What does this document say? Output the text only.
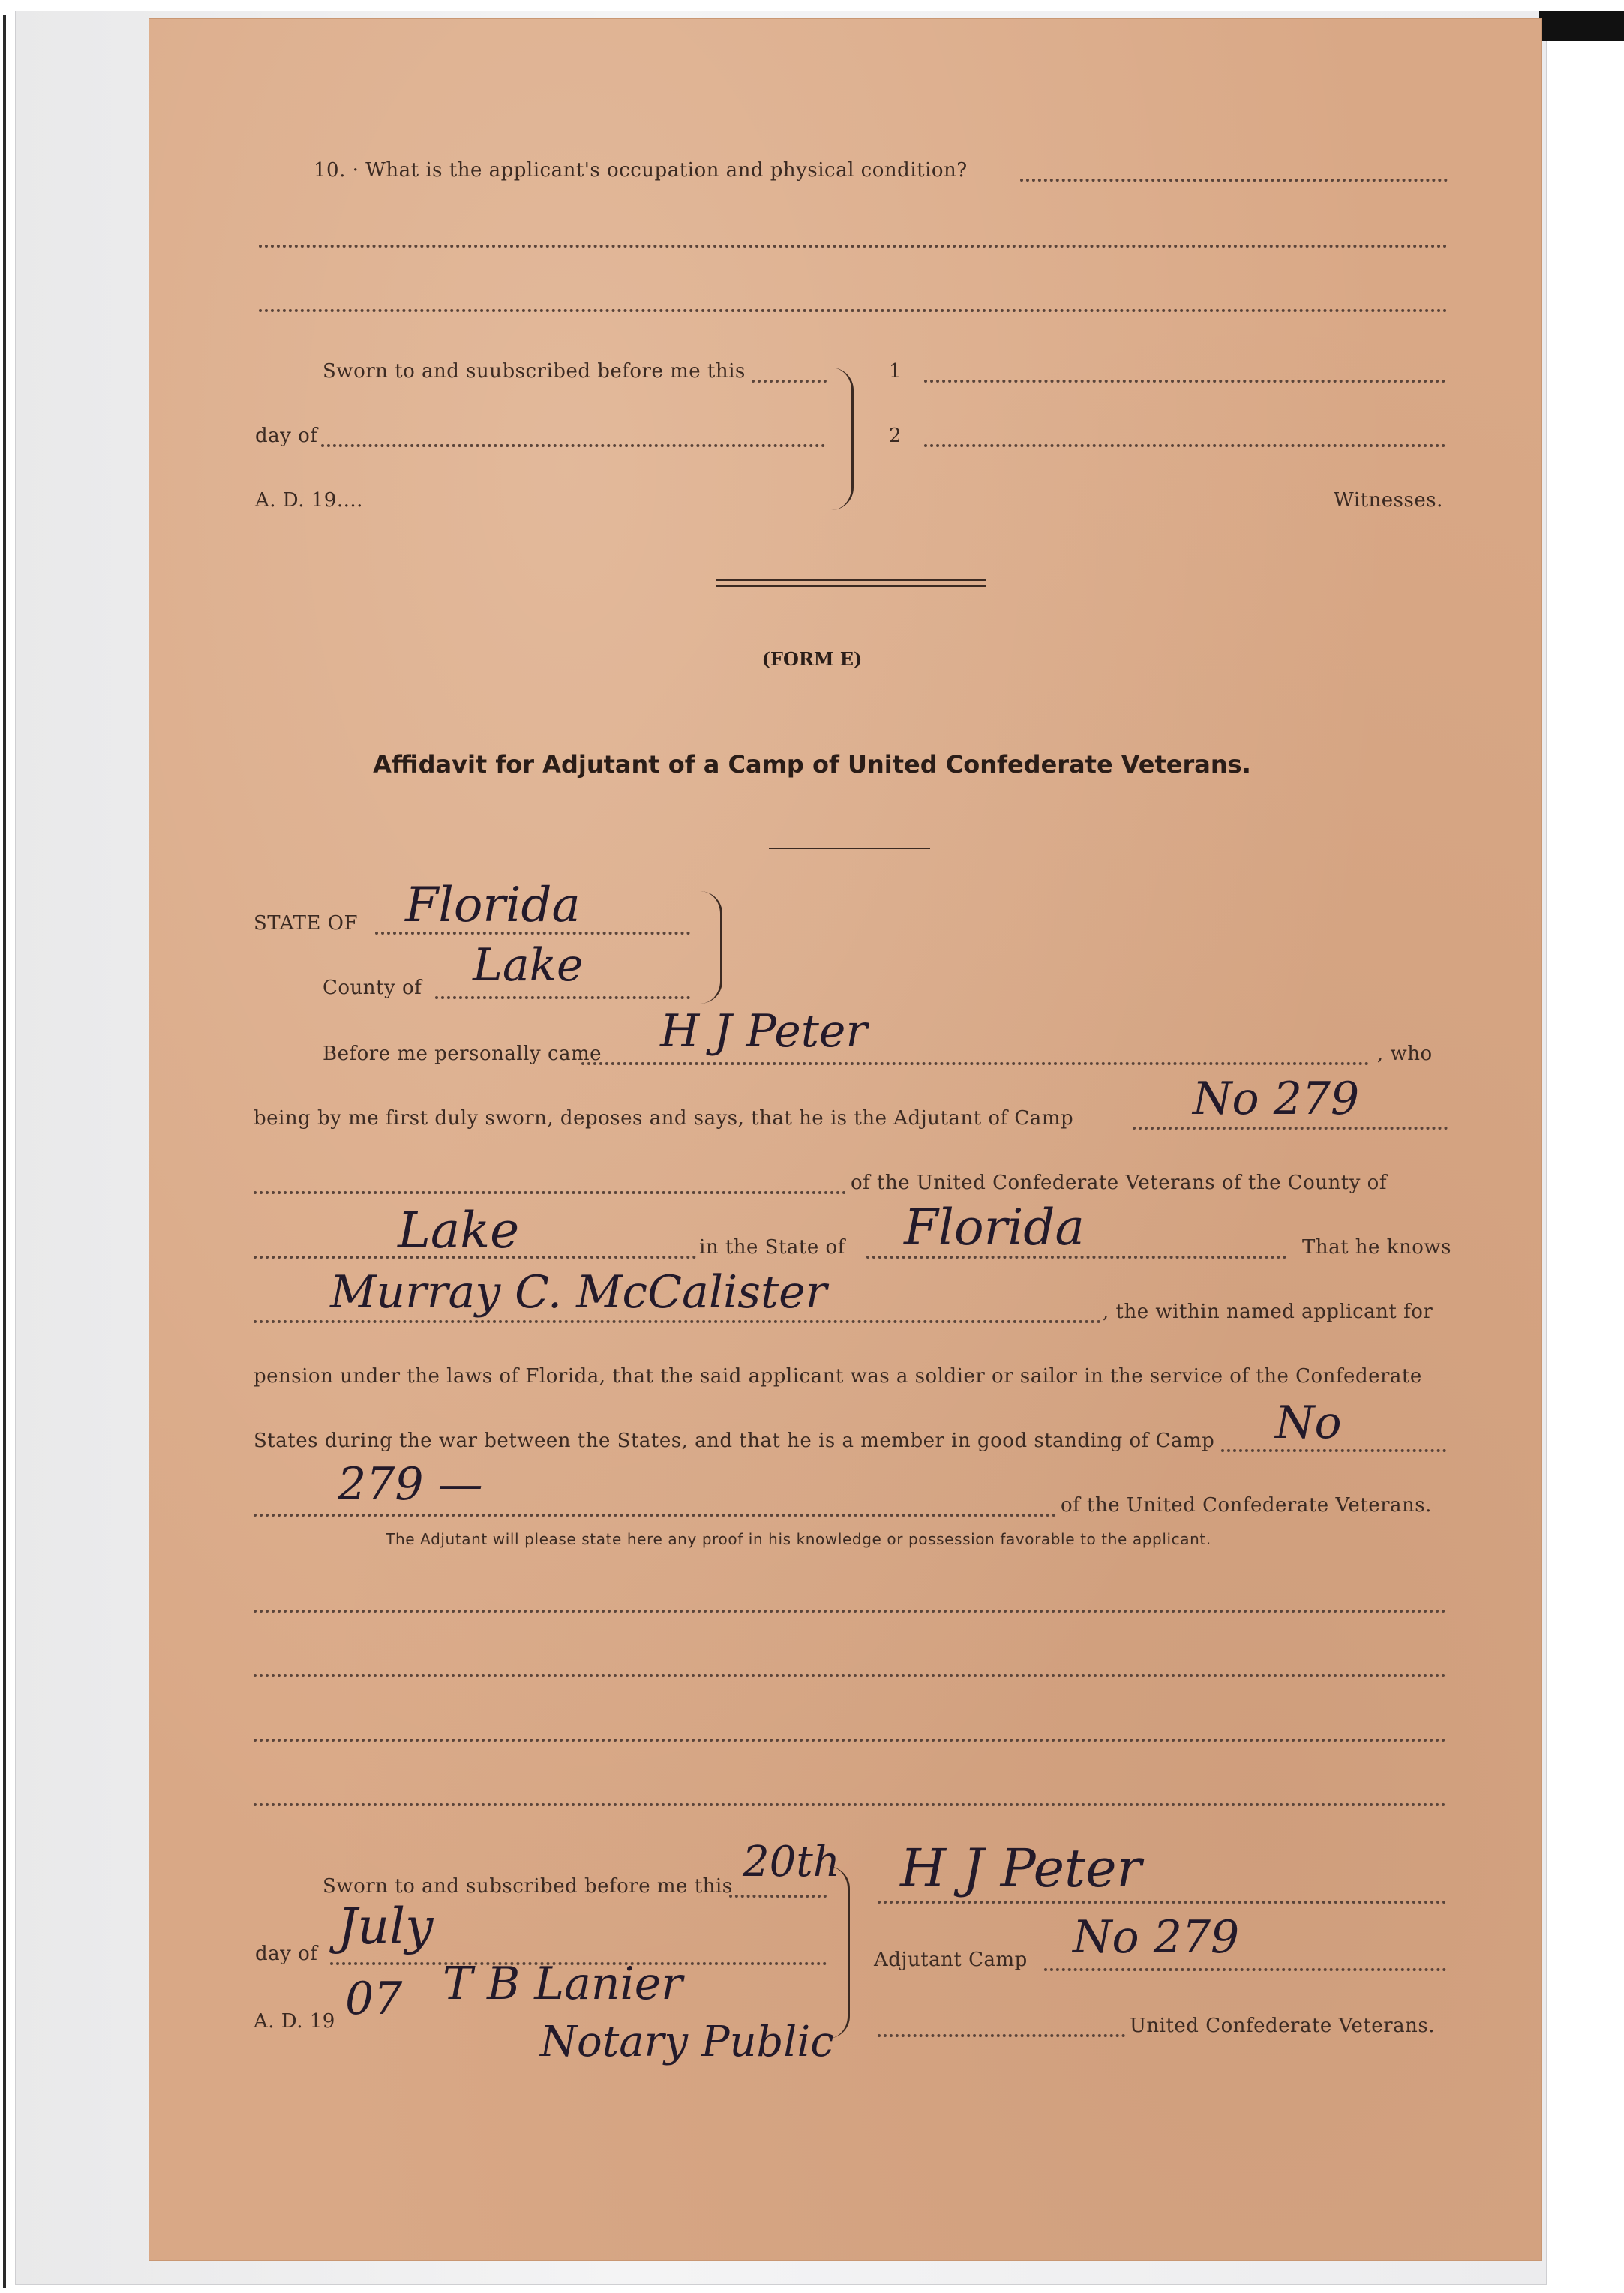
10. · What is the applicant's occupation and physical condition?
Sworn to and suubscribed before me this
day of
A. D. 19....
1
2
Witnesses.
(FORM E)
Affidavit for Adjutant of a Camp of United Confederate Veterans.
STATE OF Florida
County of Lake
Before me personally came H J Peter	, who
being by me first duly sworn, deposes and says, that he is the Adjutant of Camp	No 279
of the United Confederate Veterans of the County of
Lake	in the State of Florida	That he knows
Murray C. McCalister	, the within named applicant for
pension under the laws of Florida, that the said applicant was a soldier or sailor in the service of the Confederate
States during the war between the States, and that he is a member in good standing of Camp No
279 —	of the United Confederate Veterans.
The Adjutant will please state here any proof in his knowledge or possession favorable to the applicant.
Sworn to and subscribed before me this 20th
day of July
A. D. 19 07 T B Lanier
Notary Public
H J Peter
Adjutant Camp No 279
United Confederate Veterans.
